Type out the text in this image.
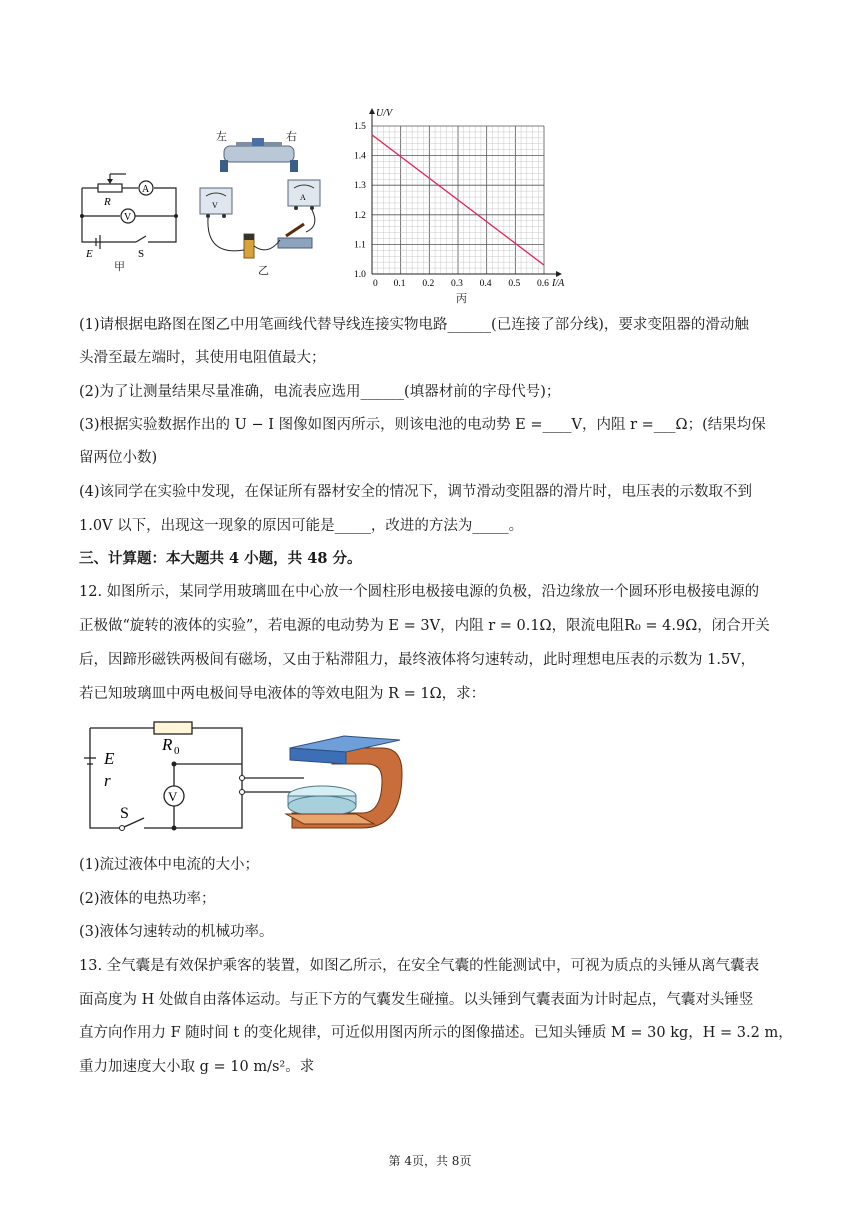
A
V
R
E	S
甲
左	右
V
A
乙
0.1 0.2 0.3 0.4 0.5 0.6
1.0
1.1
1.2
1.3
1.4
1.5
0	I/A
U/V
丙
(1)请根据电路图在图乙中用笔画线代替导线连接实物电路______(已连接了部分线)，要求变阻器的滑动触
头滑至最左端时，其使用电阻值最大；
(2)为了让测量结果尽量准确，电流表应选用______(填器材前的字母代号)；
(3)根据实验数据作出的 U − I 图像如图丙所示，则该电池的电动势 E =____V，内阻 r =___Ω；(结果均保
留两位小数)
(4)该同学在实验中发现，在保证所有器材安全的情况下，调节滑动变阻器的滑片时，电压表的示数取不到
1.0V 以下，出现这一现象的原因可能是_____，改进的方法为_____。
三、计算题：本大题共 4 小题，共 48 分。
12. 如图所示，某同学用玻璃皿在中心放一个圆柱形电极接电源的负极，沿边缘放一个圆环形电极接电源的
正极做“旋转的液体的实验”，若电源的电动势为 E = 3V，内阻 r = 0.1Ω，限流电阻R₀ = 4.9Ω，闭合开关
后，因蹄形磁铁两极间有磁场，又由于粘滞阻力，最终液体将匀速转动，此时理想电压表的示数为 1.5V，
若已知玻璃皿中两电极间导电液体的等效电阻为 R = 1Ω，求：
V
E
r
R 0
S
(1)流过液体中电流的大小；
(2)液体的电热功率；
(3)液体匀速转动的机械功率。
13. 全气囊是有效保护乘客的装置，如图乙所示，在安全气囊的性能测试中，可视为质点的头锤从离气囊表
面高度为 H 处做自由落体运动。与正下方的气囊发生碰撞。以头锤到气囊表面为计时起点，气囊对头锤竖
直方向作用力 F 随时间 t 的变化规律，可近似用图丙所示的图像描述。已知头锤质 M = 30 kg，H = 3.2 m，
重力加速度大小取 g = 10 m/s²。求
第 4页，共 8页
